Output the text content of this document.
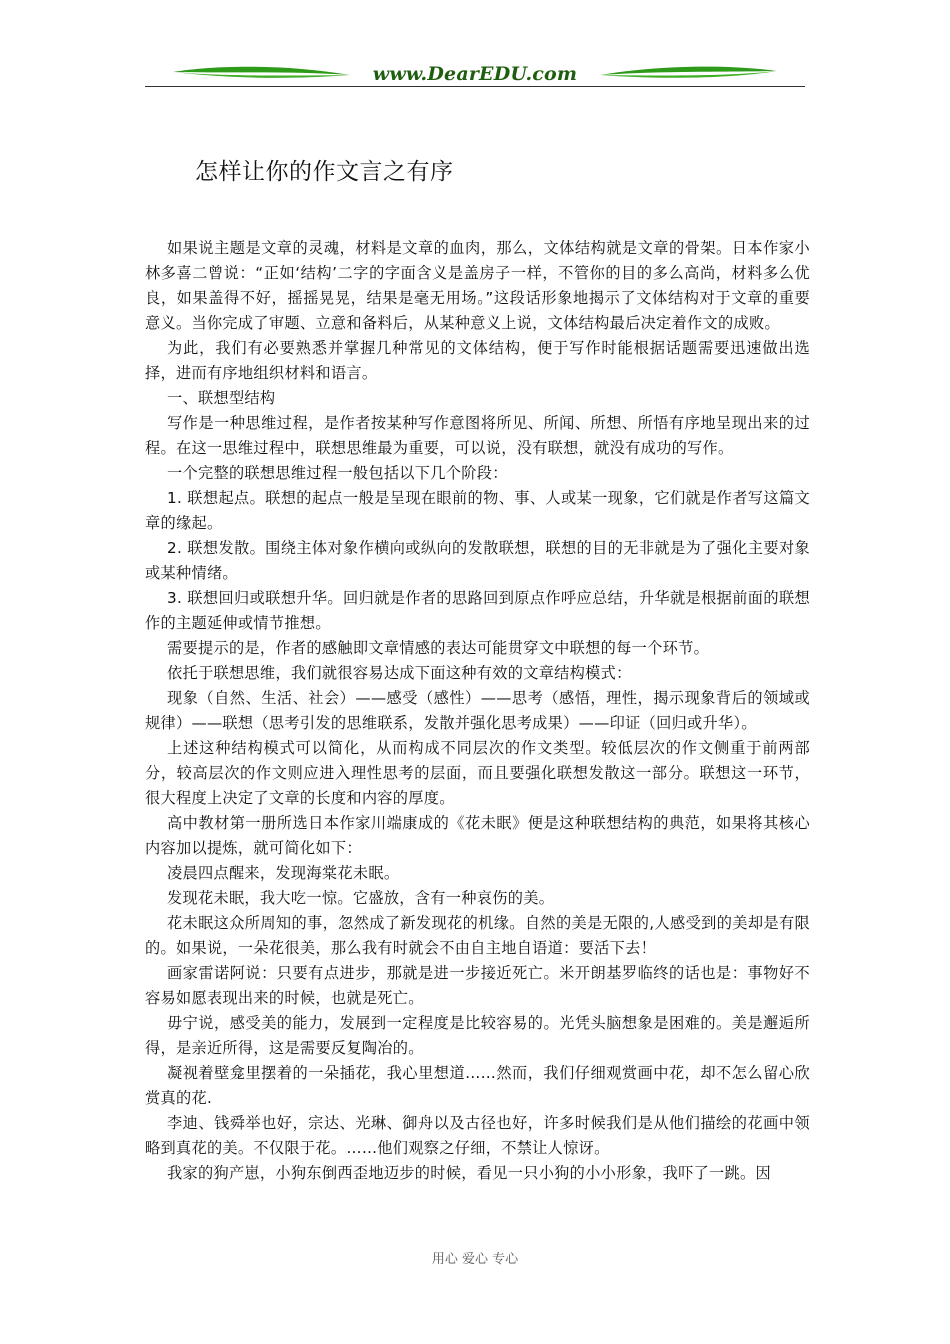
www.DearEDU.com
怎样让你的作文言之有序

如果说主题是文章的灵魂，材料是文章的血肉，那么，文体结构就是文章的骨架。日本作家小林多喜二曾说：“正如‘结构’二字的字面含义是盖房子一样，不管你的目的多么高尚，材料多么优良，如果盖得不好，摇摇晃晃，结果是毫无用场。”这段话形象地揭示了文体结构对于文章的重要意义。当你完成了审题、立意和备料后，从某种意义上说，文体结构最后决定着作文的成败。

为此，我们有必要熟悉并掌握几种常见的文体结构，便于写作时能根据话题需要迅速做出选择，进而有序地组织材料和语言。

一、联想型结构

写作是一种思维过程，是作者按某种写作意图将所见、所闻、所想、所悟有序地呈现出来的过程。在这一思维过程中，联想思维最为重要，可以说，没有联想，就没有成功的写作。

一个完整的联想思维过程一般包括以下几个阶段：

1. 联想起点。联想的起点一般是呈现在眼前的物、事、人或某一现象，它们就是作者写这篇文章的缘起。

2. 联想发散。围绕主体对象作横向或纵向的发散联想，联想的目的无非就是为了强化主要对象或某种情绪。

3. 联想回归或联想升华。回归就是作者的思路回到原点作呼应总结，升华就是根据前面的联想作的主题延伸或情节推想。

需要提示的是，作者的感触即文章情感的表达可能贯穿文中联想的每一个环节。

依托于联想思维，我们就很容易达成下面这种有效的文章结构模式：

现象（自然、生活、社会）——感受（感性）——思考（感悟，理性，揭示现象背后的领域或规律）——联想（思考引发的思维联系，发散并强化思考成果）——印证（回归或升华）。

上述这种结构模式可以简化，从而构成不同层次的作文类型。较低层次的作文侧重于前两部分，较高层次的作文则应进入理性思考的层面，而且要强化联想发散这一部分。联想这一环节，很大程度上决定了文章的长度和内容的厚度。

高中教材第一册所选日本作家川端康成的《花未眠》便是这种联想结构的典范，如果将其核心内容加以提炼，就可简化如下：

凌晨四点醒来，发现海棠花未眠。

发现花未眠，我大吃一惊。它盛放，含有一种哀伤的美。

花未眠这众所周知的事，忽然成了新发现花的机缘。自然的美是无限的,人感受到的美却是有限的。如果说，一朵花很美，那么我有时就会不由自主地自语道：要活下去！

画家雷诺阿说：只要有点进步，那就是进一步接近死亡。米开朗基罗临终的话也是：事物好不容易如愿表现出来的时候，也就是死亡。

毋宁说，感受美的能力，发展到一定程度是比较容易的。光凭头脑想象是困难的。美是邂逅所得，是亲近所得，这是需要反复陶冶的。

凝视着壁龛里摆着的一朵插花，我心里想道……然而，我们仔细观赏画中花，却不怎么留心欣赏真的花.

李迪、钱舜举也好，宗达、光琳、御舟以及古径也好，许多时候我们是从他们描绘的花画中领略到真花的美。不仅限于花。……他们观察之仔细，不禁让人惊讶。

我家的狗产崽，小狗东倒西歪地迈步的时候，看见一只小狗的小小形象，我吓了一跳。因

用心 爱心 专心
